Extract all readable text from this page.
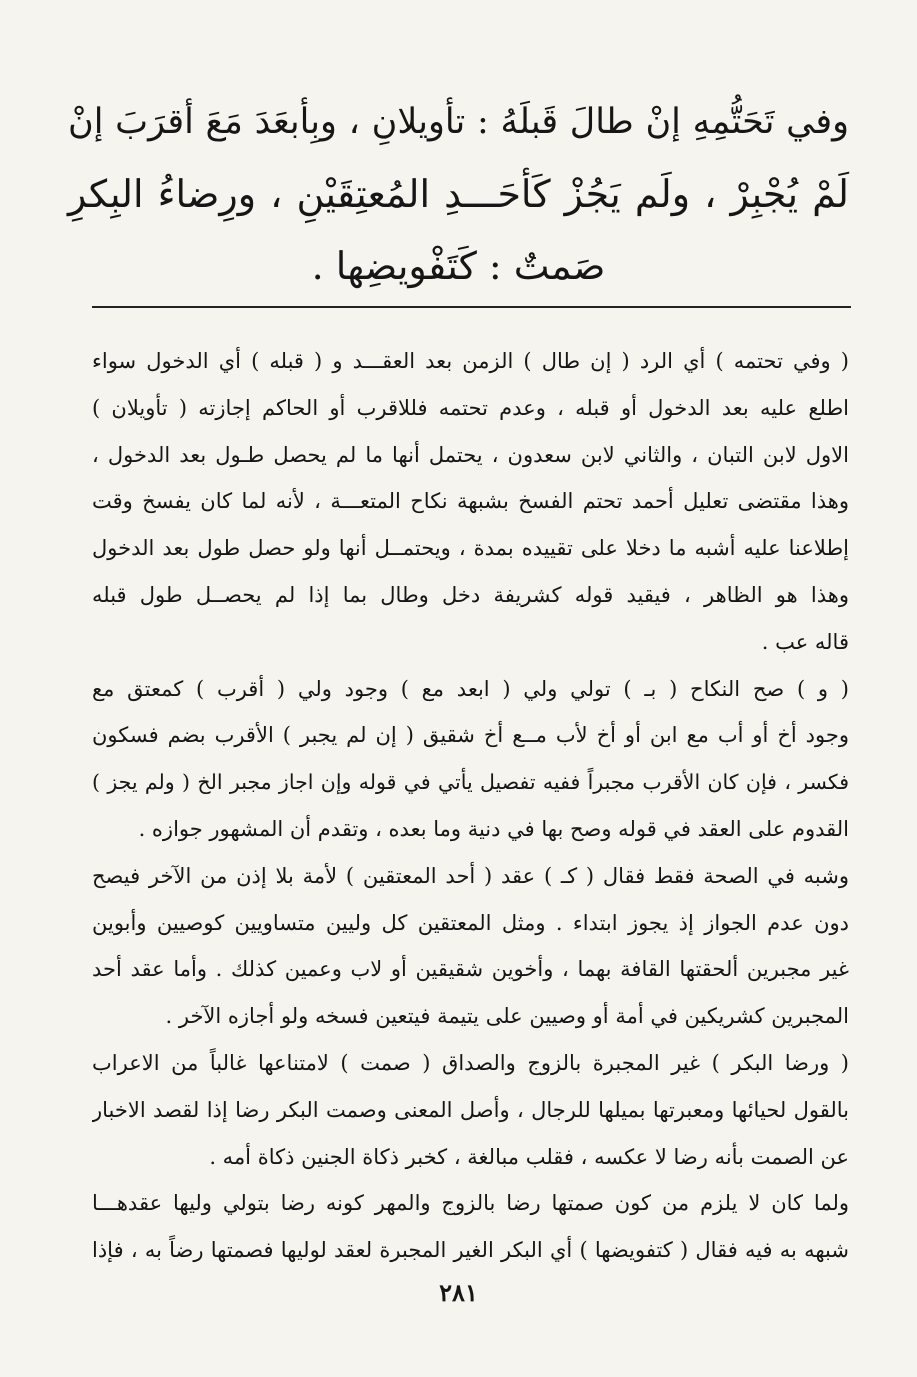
وفي تَحَتُّمِهِ إنْ طالَ قَبلَهُ : تأويلانِ ، وبِأبعَدَ مَعَ أقرَبَ إنْ
لَمْ يُجْبِرْ ، ولَم يَجُزْ كَأحَـــدِ المُعتِقَيْنِ ، ورِضاءُ البِكرِ
صَمتٌ : كَتَفْويضِها .
( وفي تحتمه ) أي الرد ( إن طال ) الزمن بعد العقـــد و ( قبله ) أي الدخول سواء
اطلع عليه بعد الدخول أو قبله ، وعدم تحتمه فللاقرب أو الحاكم إجازته ( تأويلان )
الاول لابن التبان ، والثاني لابن سعدون ، يحتمل أنها ما لم يحصل طـول بعد الدخول ،
وهذا مقتضى تعليل أحمد تحتم الفسخ بشبهة نكاح المتعـــة ، لأنه لما كان يفسخ وقت
إطلاعنا عليه أشبه ما دخلا على تقييده بمدة ، ويحتمــل أنها ولو حصل طول بعد الدخول
وهذا هو الظاهر ، فيقيد قوله كشريفة دخل وطال بما إذا لم يحصــل طول قبله
قاله عب .
( و ) صح النكاح ( بـ ) تولي ولي ( ابعد مع ) وجود ولي ( أقرب ) كمعتق مع
وجود أخ أو أب مع ابن أو أخ لأب مــع أخ شقيق ( إن لم يجبر ) الأقرب بضم فسكون
فكسر ، فإن كان الأقرب مجبراً ففيه تفصيل يأتي في قوله وإن اجاز مجبر الخ ( ولم يجز )
القدوم على العقد في قوله وصح بها في دنية وما بعده ، وتقدم أن المشهور جوازه .
وشبه في الصحة فقط فقال ( كـ ) عقد ( أحد المعتقين ) لأمة بلا إذن من الآخر فيصح
دون عدم الجواز إذ يجوز ابتداء . ومثل المعتقين كل وليين متساويين كوصيين وأبوين
غير مجبرين ألحقتها القافة بهما ، وأخوين شقيقين أو لاب وعمين كذلك . وأما عقد أحد
المجبرين كشريكين في أمة أو وصيين على يتيمة فيتعين فسخه ولو أجازه الآخر .
( ورضا البكر ) غير المجبرة بالزوج والصداق ( صمت ) لامتناعها غالباً من الاعراب
بالقول لحيائها ومعبرتها بميلها للرجال ، وأصل المعنى وصمت البكر رضا إذا لقصد الاخبار
عن الصمت بأنه رضا لا عكسه ، فقلب مبالغة ، كخبر ذكاة الجنين ذكاة أمه .
ولما كان لا يلزم من كون صمتها رضا بالزوج والمهر كونه رضا بتولي وليها عقدهـــا
شبهه به فيه فقال ( كتفويضها ) أي البكر الغير المجبرة لعقد لوليها فصمتها رضاً به ، فإذا
٢٨١
